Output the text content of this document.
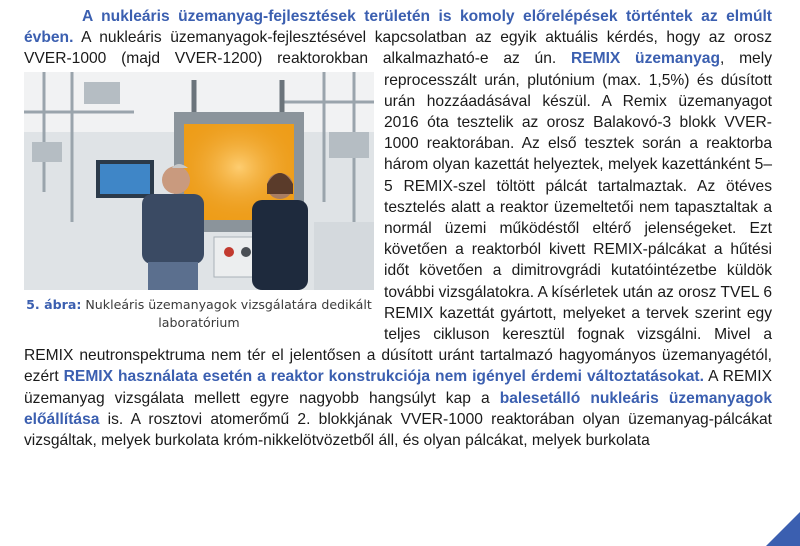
A nukleáris üzemanyag-fejlesztések területén is komoly előrelépések történtek az elmúlt évben. A nukleáris üzemanyagok-fejlesztésével kapcsolatban az egyik aktuális kérdés, hogy az orosz VVER-1000 (majd VVER-1200) reaktorokban alkalmazható-e az ún.
5. ábra: Nukleáris üzemanyagok vizsgálatára dedikált laboratórium
REMIX üzemanyag, mely reprocesszált urán, plutónium (max. 1,5%) és dúsított urán hozzáadásával készül. A Remix üzemanyagot 2016 óta tesztelik az orosz Balakovó-3 blokk VVER-1000 reaktorában. Az első tesztek során a reaktorba három olyan kazettát helyeztek, melyek kazettánként 5–5 REMIX-szel töltött pálcát tartalmaztak. Az ötéves tesztelés alatt a reaktor üzemeltetői nem tapasztaltak a normál üzemi működéstől eltérő jelenségeket. Ezt követően a reaktorból kivett REMIX-pálcákat a hűtési időt követően a dimitrovgrádi kutatóintézetbe küldök további vizsgálatokra. A kísérletek után az orosz TVEL 6 REMIX kazettát gyártott, melyeket a tervek szerint egy teljes cikluson keresztül fognak vizsgálni. Mivel a REMIX neutronspektruma nem tér el jelentősen a dúsított uránt tartalmazó hagyományos üzemanyagétól, ezért REMIX használata esetén a reaktor konstrukciója nem igényel érdemi változtatásokat. A REMIX üzemanyag vizsgálata mellett egyre nagyobb hangsúlyt kap a balesetálló nukleáris üzemanyagok előállítása is. A rosztovi atomerőmű 2. blokkjának VVER-1000 reaktorában olyan üzemanyag-pálcákat vizsgáltak, melyek burkolata króm-nikkelötvözetből áll, és olyan pálcákat, melyek burkolata
